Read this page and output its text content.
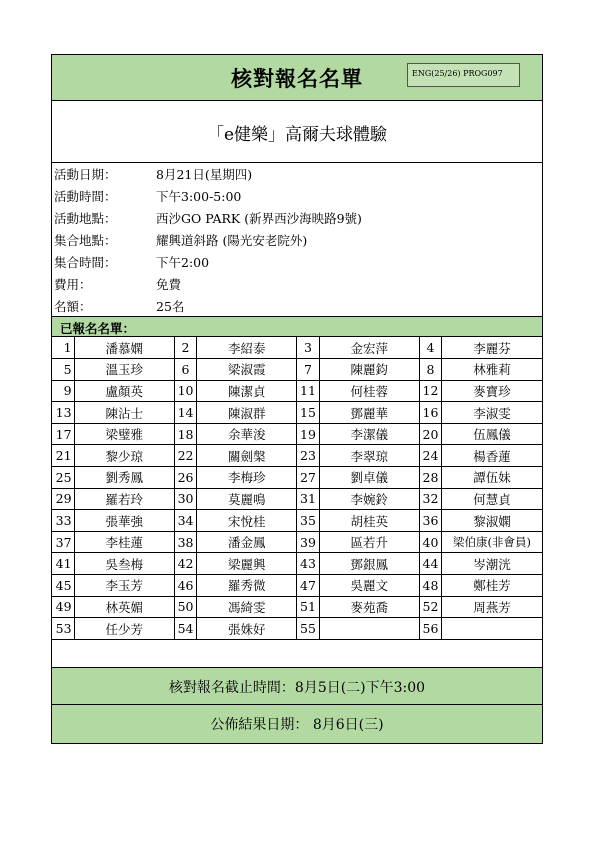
核對報名名單	ENG(25/26) PROG097
「e健樂」高爾夫球體驗
活動日期：	8月21日(星期四)
活動時間：	下午3:00-5:00
活動地點：	西沙GO PARK (新界西沙海映路9號)
集合地點：	耀興道斜路 (陽光安老院外)
集合時間：	下午2:00
費用：	免費
名額：	25名
已報名名單：
1	潘慕嫻	2	李紹泰	3	金宏萍	4	李麗芬
5	溫玉珍	6	梁淑霞	7	陳麗鈞	8	林雅莉
9	盧顏英	10	陳潔貞	11	何桂蓉	12	麥寶珍
13	陳沾士	14	陳淑群	15	鄧麗華	16	李淑雯
17	梁璧雅	18	余華浚	19	李潔儀	20	伍鳳儀
21	黎少琼	22	關劍槃	23	李翠琼	24	楊香蓮
25	劉秀鳳	26	李梅珍	27	劉卓儀	28	譚伍妹
29	羅若玲	30	莫麗鳴	31	李婉鈴	32	何慧貞
33	張華強	34	宋悅桂	35	胡桂英	36	黎淑嫻
37	李桂蓮	38	潘金鳳	39	區若升	40	梁伯康(非會員)
41	吳叁梅	42	梁麗興	43	鄧銀鳳	44	岑潮洸
45	李玉芳	46	羅秀微	47	吳麗文	48	鄭桂芳
49	林英媚	50	馮綺雯	51	麥苑喬	52	周燕芳
53	任少芳	54	張姝好	55		56	
核對報名截止時間：8月5日(二)下午3:00
公佈結果日期： 8月6日(三)
